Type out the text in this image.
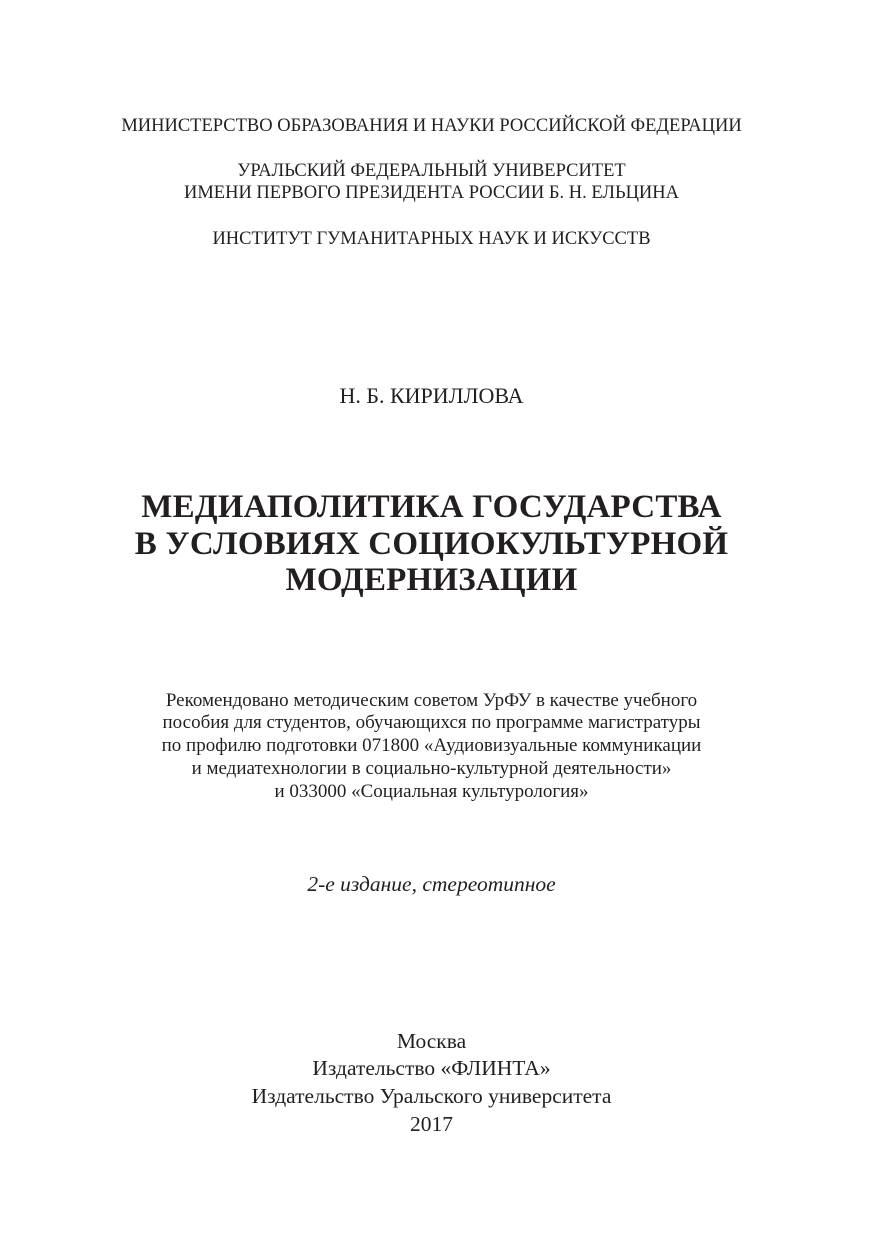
МИНИСТЕРСТВО ОБРАЗОВАНИЯ И НАУКИ РОССИЙСКОЙ ФЕДЕРАЦИИ

УРАЛЬСКИЙ ФЕДЕРАЛЬНЫЙ УНИВЕРСИТЕТ

ИМЕНИ ПЕРВОГО ПРЕЗИДЕНТА РОССИИ Б. Н. ЕЛЬЦИНА

ИНСТИТУТ ГУМАНИТАРНЫХ НАУК И ИСКУССТВ

Н. Б. КИРИЛЛОВА

МЕДИАПОЛИТИКА ГОСУДАРСТВА

В УСЛОВИЯХ СОЦИОКУЛЬТУРНОЙ

МОДЕРНИЗАЦИИ

Рекомендовано методическим советом УрФУ в качестве учебного

пособия для студентов, обучающихся по программе магистратуры

по профилю подготовки 071800 «Аудиовизуальные коммуникации

и медиатехнологии в социально-культурной деятельности»

и 033000 «Социальная культурология»

2-е издание, стереотипное

Москва

Издательство «ФЛИНТА»

Издательство Уральского университета

2017
